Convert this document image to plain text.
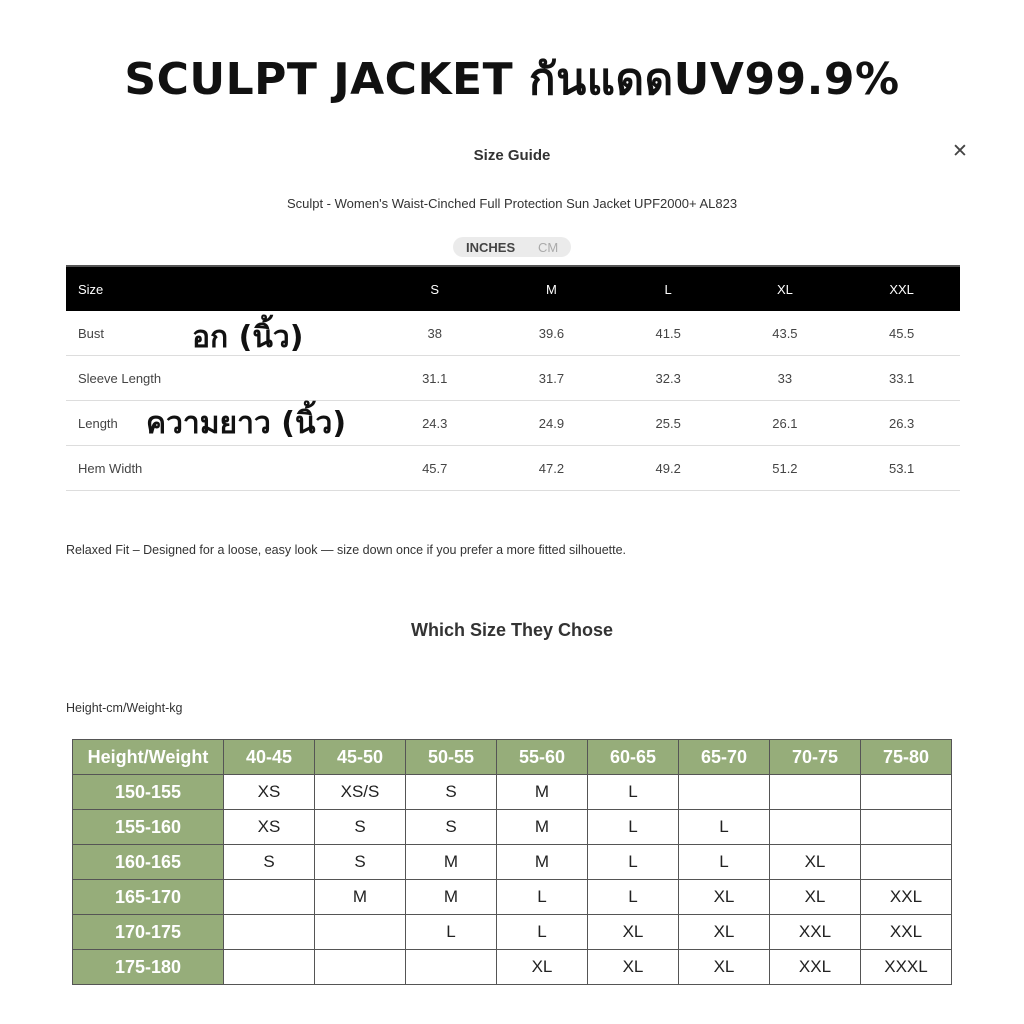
SCULPT JACKET กันแดดUV99.9%
Size Guide	✕
Sculpt - Women's Waist-Cinched Full Protection Sun Jacket UPF2000+ AL823
INCHES CM
Size	S	M	L	XL	XXL
Bust	38	39.6	41.5	43.5	45.5
Sleeve Length	31.1	31.7	32.3	33	33.1
Length	24.3	24.9	25.5	26.1	26.3
Hem Width	45.7	47.2	49.2	51.2	53.1
อก (นิ้ว)
ความยาว (นิ้ว)
Relaxed Fit – Designed for a loose, easy look — size down once if you prefer a more fitted silhouette.
Which Size They Chose
Height-cm/Weight-kg
Height/Weight	40-45	45-50	50-55	55-60	60-65	65-70	70-75	75-80
150-155	XS	XS/S	S	M	L			
155-160	XS	S	S	M	L	L		
160-165	S	S	M	M	L	L	XL	
165-170		M	M	L	L	XL	XL	XXL
170-175			L	L	XL	XL	XXL	XXL
175-180				XL	XL	XL	XXL	XXXL
